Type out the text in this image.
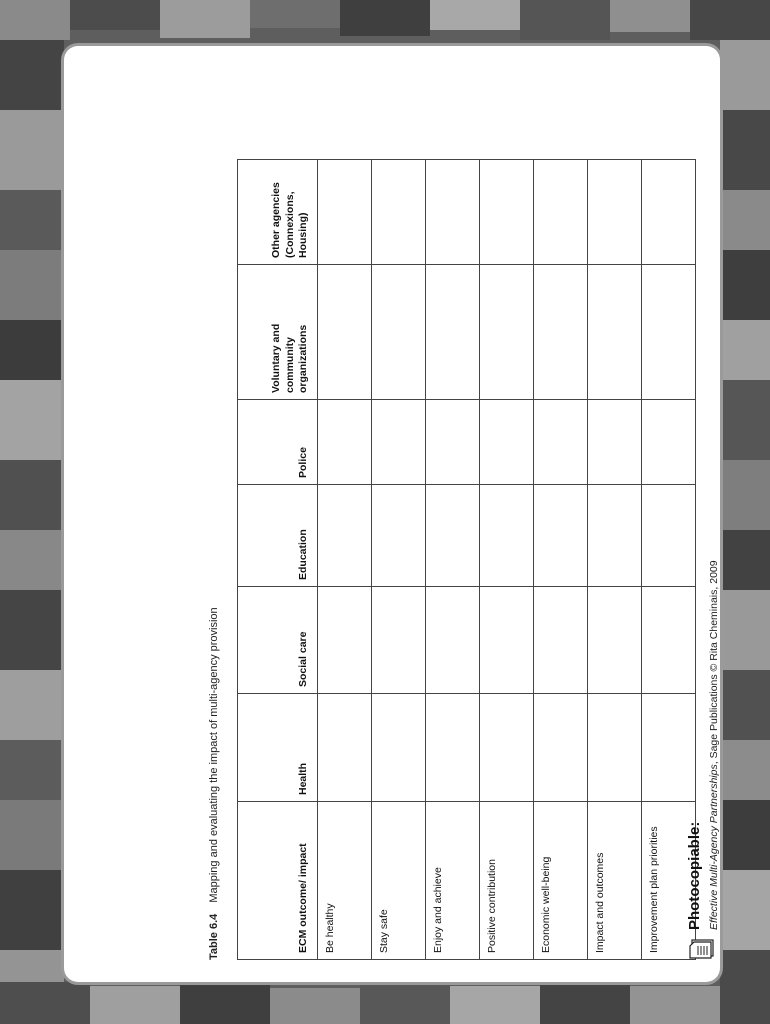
Table 6.4 Mapping and evaluating the impact of multi-agency provision	ECM outcome/ impact	Health	Social care	Education	Police	Voluntary and community organizations	Other agencies (Connexions, Housing)
Be healthy						
Stay safe						
Enjoy and achieve						
Positive contribution						
Economic well-being						
Impact and outcomes						
Improvement plan priorities						Photocopiable: Effective Multi-Agency Partnerships, Sage Publications © Rita Cheminais, 2009
